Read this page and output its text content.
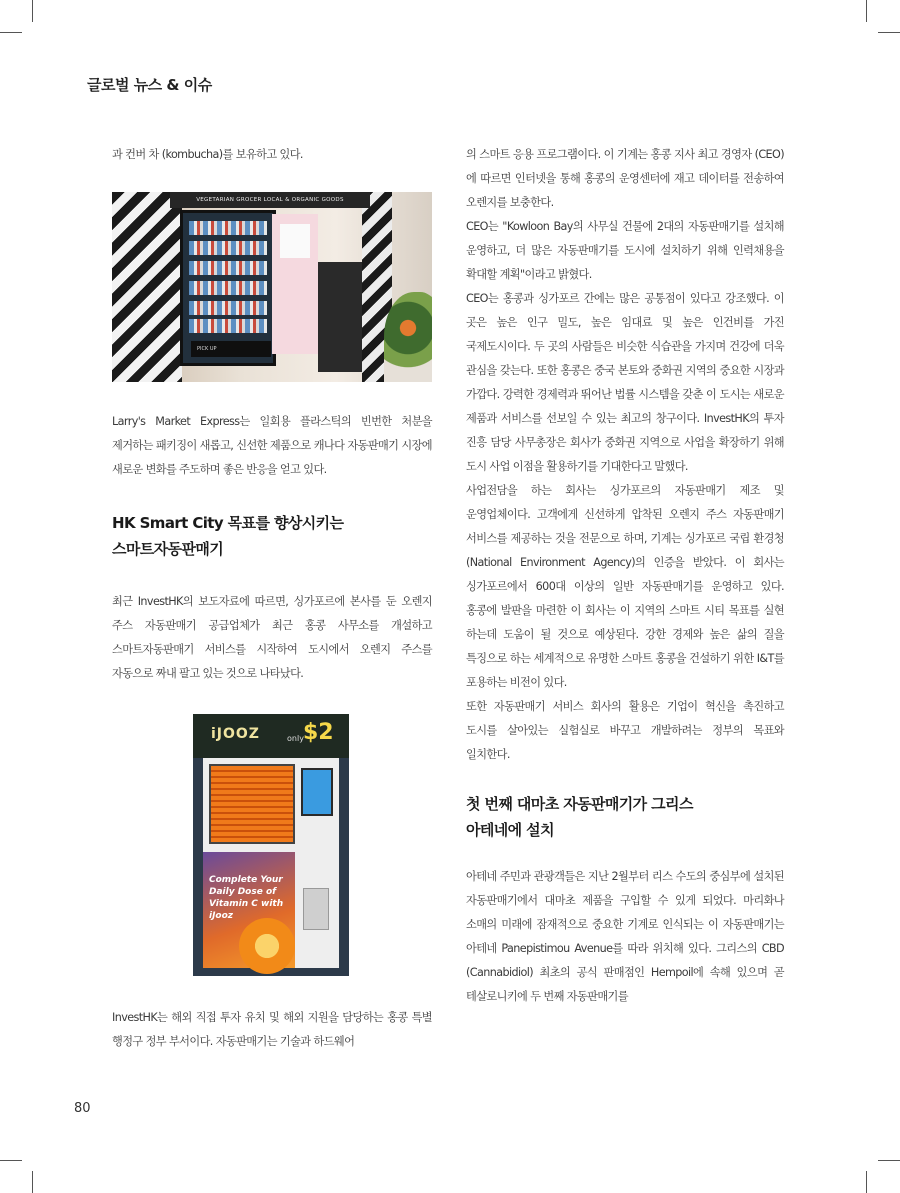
글로벌 뉴스 & 이슈

과 컨버 차 (kombucha)를 보유하고 있다.

VEGETARIAN GROCER LOCAL & ORGANIC GOODS
PICK UP

Larry's Market Express는 일회용 플라스틱의 빈번한 처분을 제거하는 패키징이 새롭고, 신선한 제품으로 캐나다 자동판매기 시장에 새로운 변화를 주도하며 좋은 반응을 얻고 있다.

HK Smart City 목표를 향상시키는
스마트자동판매기

최근 InvestHK의 보도자료에 따르면, 싱가포르에 본사를 둔 오렌지 주스 자동판매기 공급업체가 최근 홍콩 사무소를 개설하고 스마트자동판매기 서비스를 시작하여 도시에서 오렌지 주스를 자동으로 짜내 팔고 있는 것으로 나타났다.

iJOOZ	only $2
Complete Your Daily Dose of Vitamin C with iJooz

InvestHK는 해외 직접 투자 유치 및 해외 지원을 담당하는 홍콩 특별 행정구 정부 부서이다. 자동판매기는 기술과 하드웨어

의 스마트 응용 프로그램이다. 이 기계는 홍콩 지사 최고 경영자 (CEO)에 따르면 인터넷을 통해 홍콩의 운영센터에 재고 데이터를 전송하여 오렌지를 보충한다.

CEO는 "Kowloon Bay의 사무실 건물에 2대의 자동판매기를 설치해 운영하고, 더 많은 자동판매기를 도시에 설치하기 위해 인력채용을 확대할 계획"이라고 밝혔다.

CEO는 홍콩과 싱가포르 간에는 많은 공통점이 있다고 강조했다. 이 곳은 높은 인구 밀도, 높은 임대료 및 높은 인건비를 가진 국제도시이다. 두 곳의 사람들은 비슷한 식습관을 가지며 건강에 더욱 관심을 갖는다. 또한 홍콩은 중국 본토와 중화권 지역의 중요한 시장과 가깝다. 강력한 경제력과 뛰어난 법률 시스템을 갖춘 이 도시는 새로운 제품과 서비스를 선보일 수 있는 최고의 창구이다. InvestHK의 투자 진흥 담당 사무총장은 회사가 중화권 지역으로 사업을 확장하기 위해 도시 사업 이점을 활용하기를 기대한다고 말했다.

사업전담을 하는 회사는 싱가포르의 자동판매기 제조 및 운영업체이다. 고객에게 신선하게 압착된 오렌지 주스 자동판매기 서비스를 제공하는 것을 전문으로 하며, 기계는 싱가포르 국립 환경청 (National Environment Agency)의 인증을 받았다. 이 회사는 싱가포르에서 600대 이상의 일반 자동판매기를 운영하고 있다. 홍콩에 발판을 마련한 이 회사는 이 지역의 스마트 시티 목표를 실현 하는데 도움이 될 것으로 예상된다. 강한 경제와 높은 삶의 질을 특징으로 하는 세계적으로 유명한 스마트 홍콩을 건설하기 위한 I&T를 포용하는 비전이 있다.

또한 자동판매기 서비스 회사의 활용은 기업이 혁신을 촉진하고 도시를 살아있는 실험실로 바꾸고 개발하려는 정부의 목표와 일치한다.

첫 번째 대마초 자동판매기가 그리스
아테네에 설치

아테네 주민과 관광객들은 지난 2월부터 리스 수도의 중심부에 설치된 자동판매기에서 대마초 제품을 구입할 수 있게 되었다. 마리화나 소매의 미래에 잠재적으로 중요한 기계로 인식되는 이 자동판매기는 아테네 Panepistimou Avenue를 따라 위치해 있다. 그리스의 CBD (Cannabidiol) 최초의 공식 판매점인 Hempoil에 속해 있으며 곧 테살로니키에 두 번째 자동판매기를

80
